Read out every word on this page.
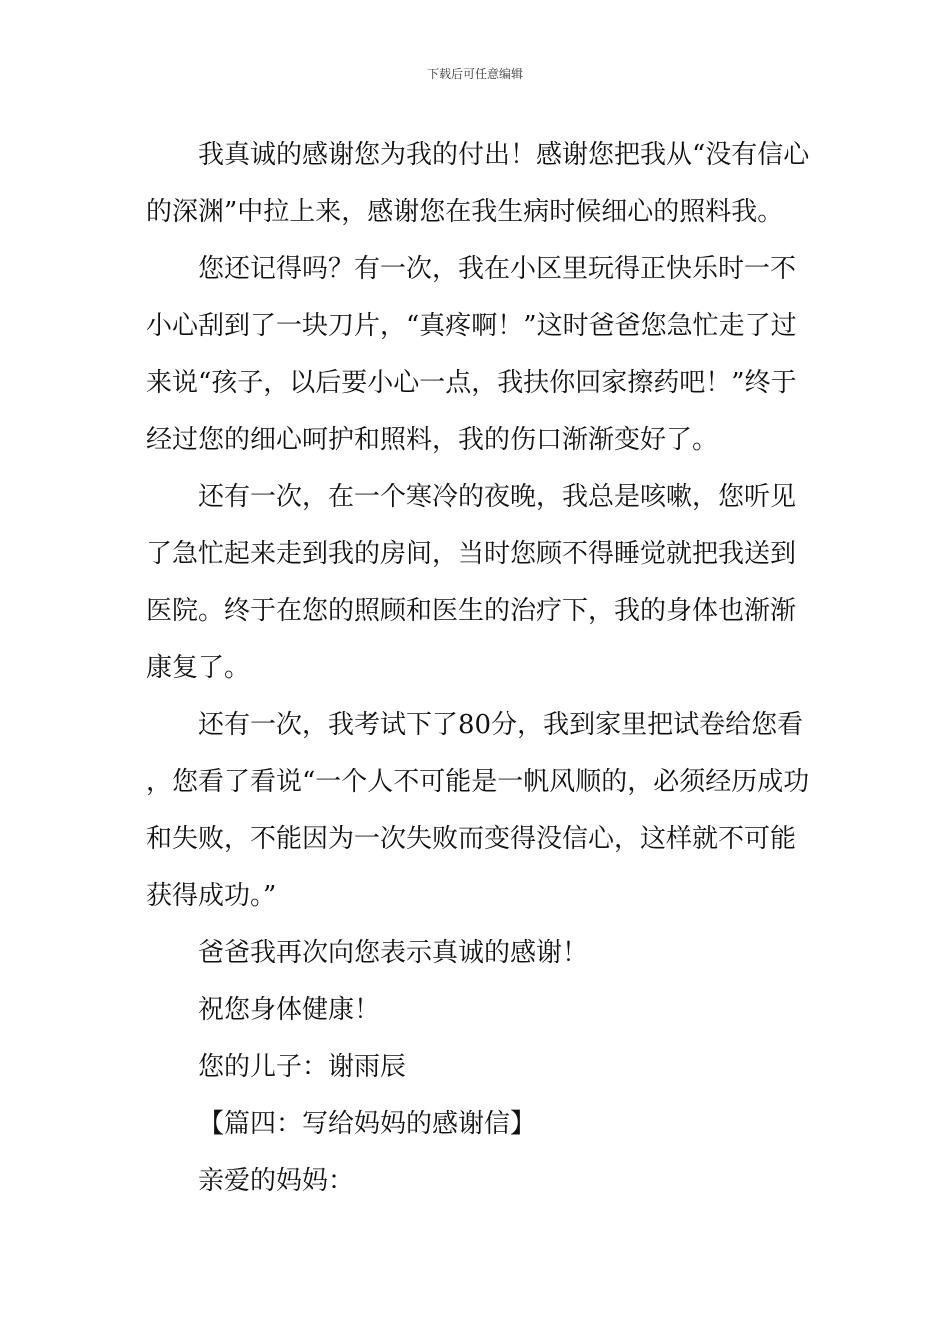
下载后可任意编辑

我真诚的感谢您为我的付出！感谢您把我从“没有信心的深渊”中拉上来，感谢您在我生病时候细心的照料我。

您还记得吗？有一次，我在小区里玩得正快乐时一不小心刮到了一块刀片，“真疼啊！”这时爸爸您急忙走了过来说“孩子，以后要小心一点，我扶你回家擦药吧！”终于经过您的细心呵护和照料，我的伤口渐渐变好了。

还有一次，在一个寒冷的夜晚，我总是咳嗽，您听见了急忙起来走到我的房间，当时您顾不得睡觉就把我送到医院。终于在您的照顾和医生的治疗下，我的身体也渐渐康复了。

还有一次，我考试下了80分，我到家里把试卷给您看，您看了看说“一个人不可能是一帆风顺的，必须经历成功和失败，不能因为一次失败而变得没信心，这样就不可能获得成功。”

爸爸我再次向您表示真诚的感谢！

祝您身体健康！

您的儿子：谢雨辰

【篇四：写给妈妈的感谢信】

亲爱的妈妈：
